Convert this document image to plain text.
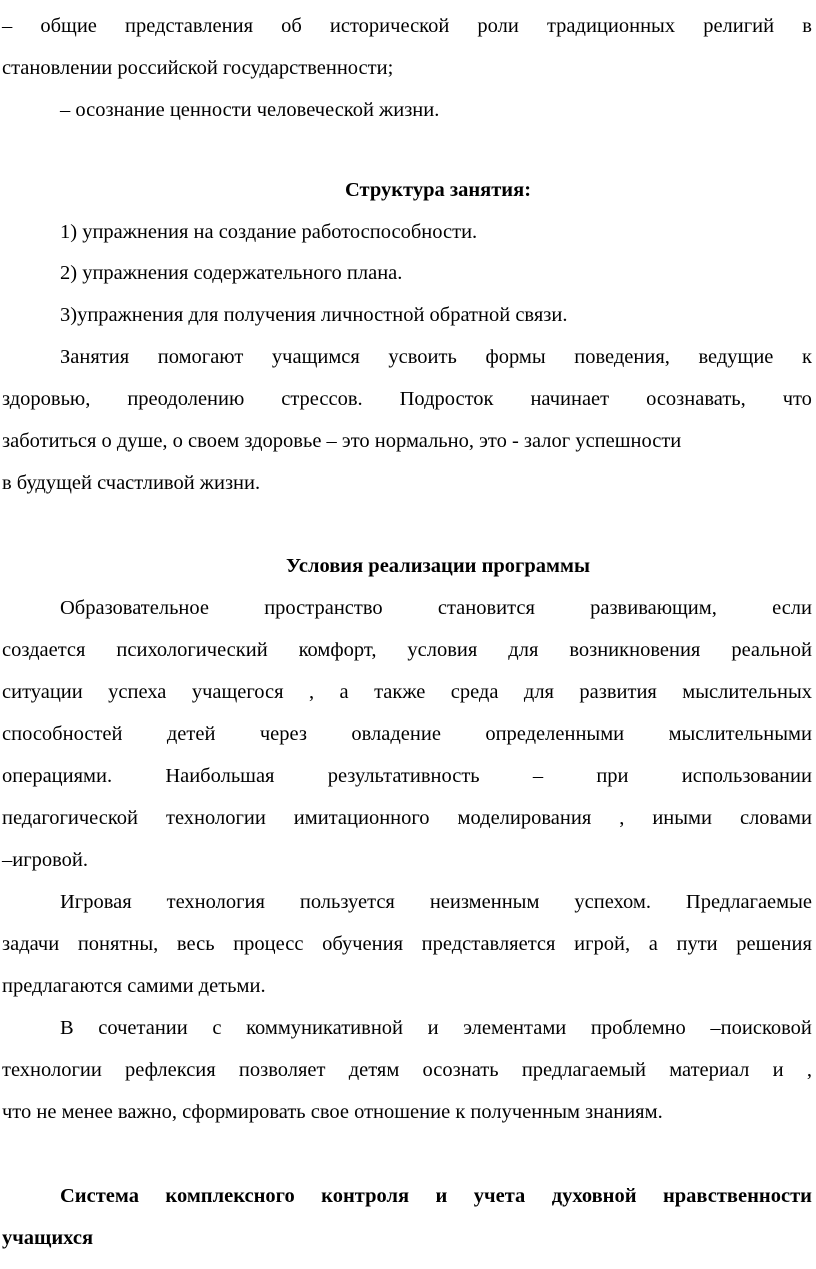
– общие представления об исторической роли традиционных религий в
становлении российской государственности;
– осознание ценности человеческой жизни.
Структура занятия:
1) упражнения на создание работоспособности.
2) упражнения содержательного плана.
3)упражнения для получения личностной обратной связи.
Занятия помогают учащимся усвоить формы поведения, ведущие к
здоровью, преодолению стрессов. Подросток начинает осознавать, что
заботиться о душе, о своем здоровье – это нормально, это - залог успешности
в будущей счастливой жизни.
Условия реализации программы
Образовательное	пространство	становится	развивающим,	если
создается психологический комфорт, условия для возникновения реальной
ситуации успеха учащегося , а также среда для развития мыслительных
способностей детей через овладение определенными мыслительными
операциями.	Наибольшая	результативность	–	при	использовании
педагогической технологии имитационного моделирования , иными словами
–игровой.
Игровая технология пользуется неизменным успехом. Предлагаемые
задачи понятны, весь процесс обучения представляется игрой, а пути решения
предлагаются самими детьми.
В сочетании с коммуникативной и элементами проблемно –поисковой
технологии рефлексия позволяет детям осознать предлагаемый материал и ,
что не менее важно, сформировать свое отношение к полученным знаниям.
Система комплексного контроля и учета духовной нравственности
учащихся
